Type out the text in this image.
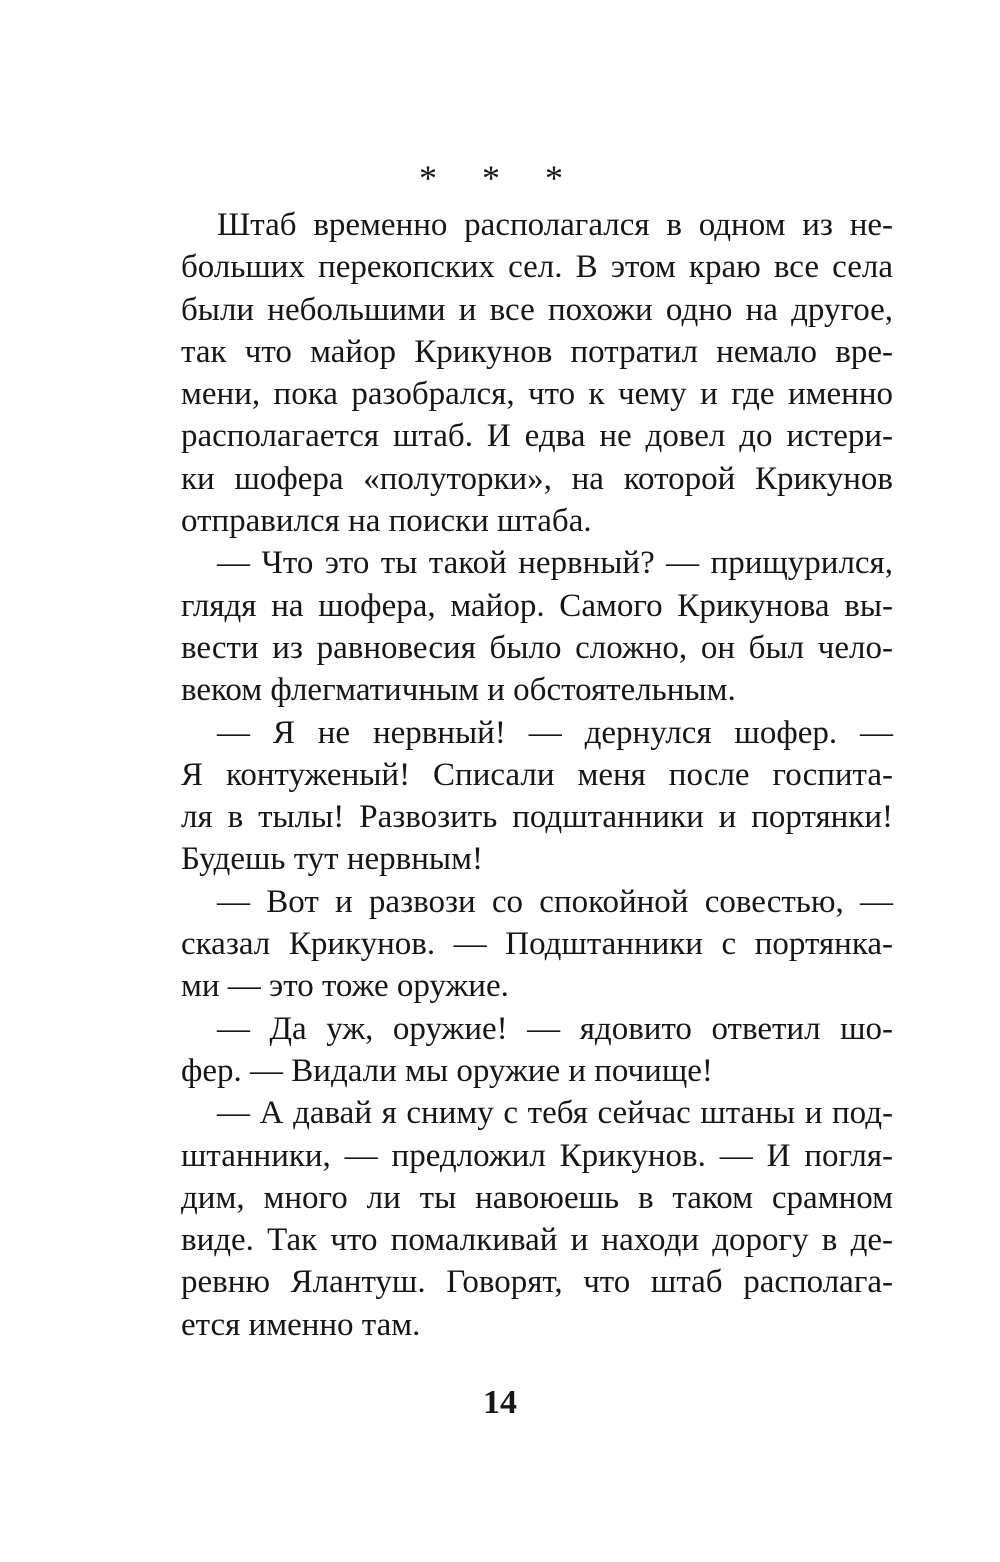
* * *
Штаб временно располагался в одном из не-
больших перекопских сел. В этом краю все села
были небольшими и все похожи одно на другое,
так что майор Крикунов потратил немало вре-
мени, пока разобрался, что к чему и где именно
располагается штаб. И едва не довел до истери-
ки шофера «полуторки», на которой Крикунов
отправился на поиски штаба.
— Что это ты такой нервный? — прищурился,
глядя на шофера, майор. Самого Крикунова вы-
вести из равновесия было сложно, он был чело-
веком флегматичным и обстоятельным.
— Я не нервный! — дернулся шофер. —
Я контуженый! Списали меня после госпита-
ля в тылы! Развозить подштанники и портянки!
Будешь тут нервным!
— Вот и развози со спокойной совестью, —
сказал Крикунов. — Подштанники с портянка-
ми — это тоже оружие.
— Да уж, оружие! — ядовито ответил шо-
фер. — Видали мы оружие и почище!
— А давай я сниму с тебя сейчас штаны и под-
штанники, — предложил Крикунов. — И погля-
дим, много ли ты навоюешь в таком срамном
виде. Так что помалкивай и находи дорогу в де-
ревню Ялантуш. Говорят, что штаб располага-
ется именно там.
14
